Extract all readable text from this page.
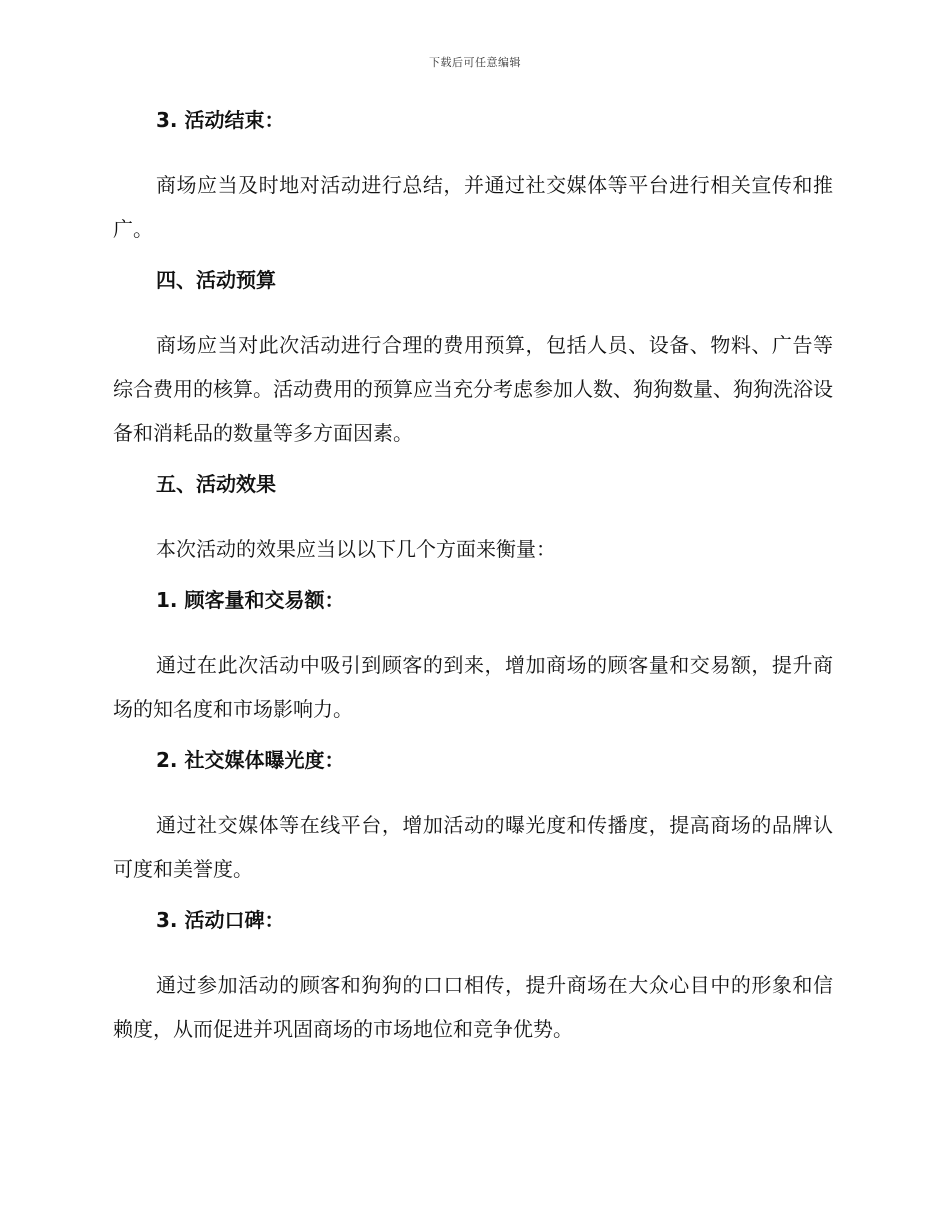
下载后可任意编辑
3. 活动结束：
商场应当及时地对活动进行总结，并通过社交媒体等平台进行相关宣传和推广。
四、活动预算
商场应当对此次活动进行合理的费用预算，包括人员、设备、物料、广告等综合费用的核算。活动费用的预算应当充分考虑参加人数、狗狗数量、狗狗洗浴设备和消耗品的数量等多方面因素。
五、活动效果
本次活动的效果应当以以下几个方面来衡量：
1. 顾客量和交易额：
通过在此次活动中吸引到顾客的到来，增加商场的顾客量和交易额，提升商场的知名度和市场影响力。
2. 社交媒体曝光度：
通过社交媒体等在线平台，增加活动的曝光度和传播度，提高商场的品牌认可度和美誉度。
3. 活动口碑：
通过参加活动的顾客和狗狗的口口相传，提升商场在大众心目中的形象和信赖度，从而促进并巩固商场的市场地位和竞争优势。
